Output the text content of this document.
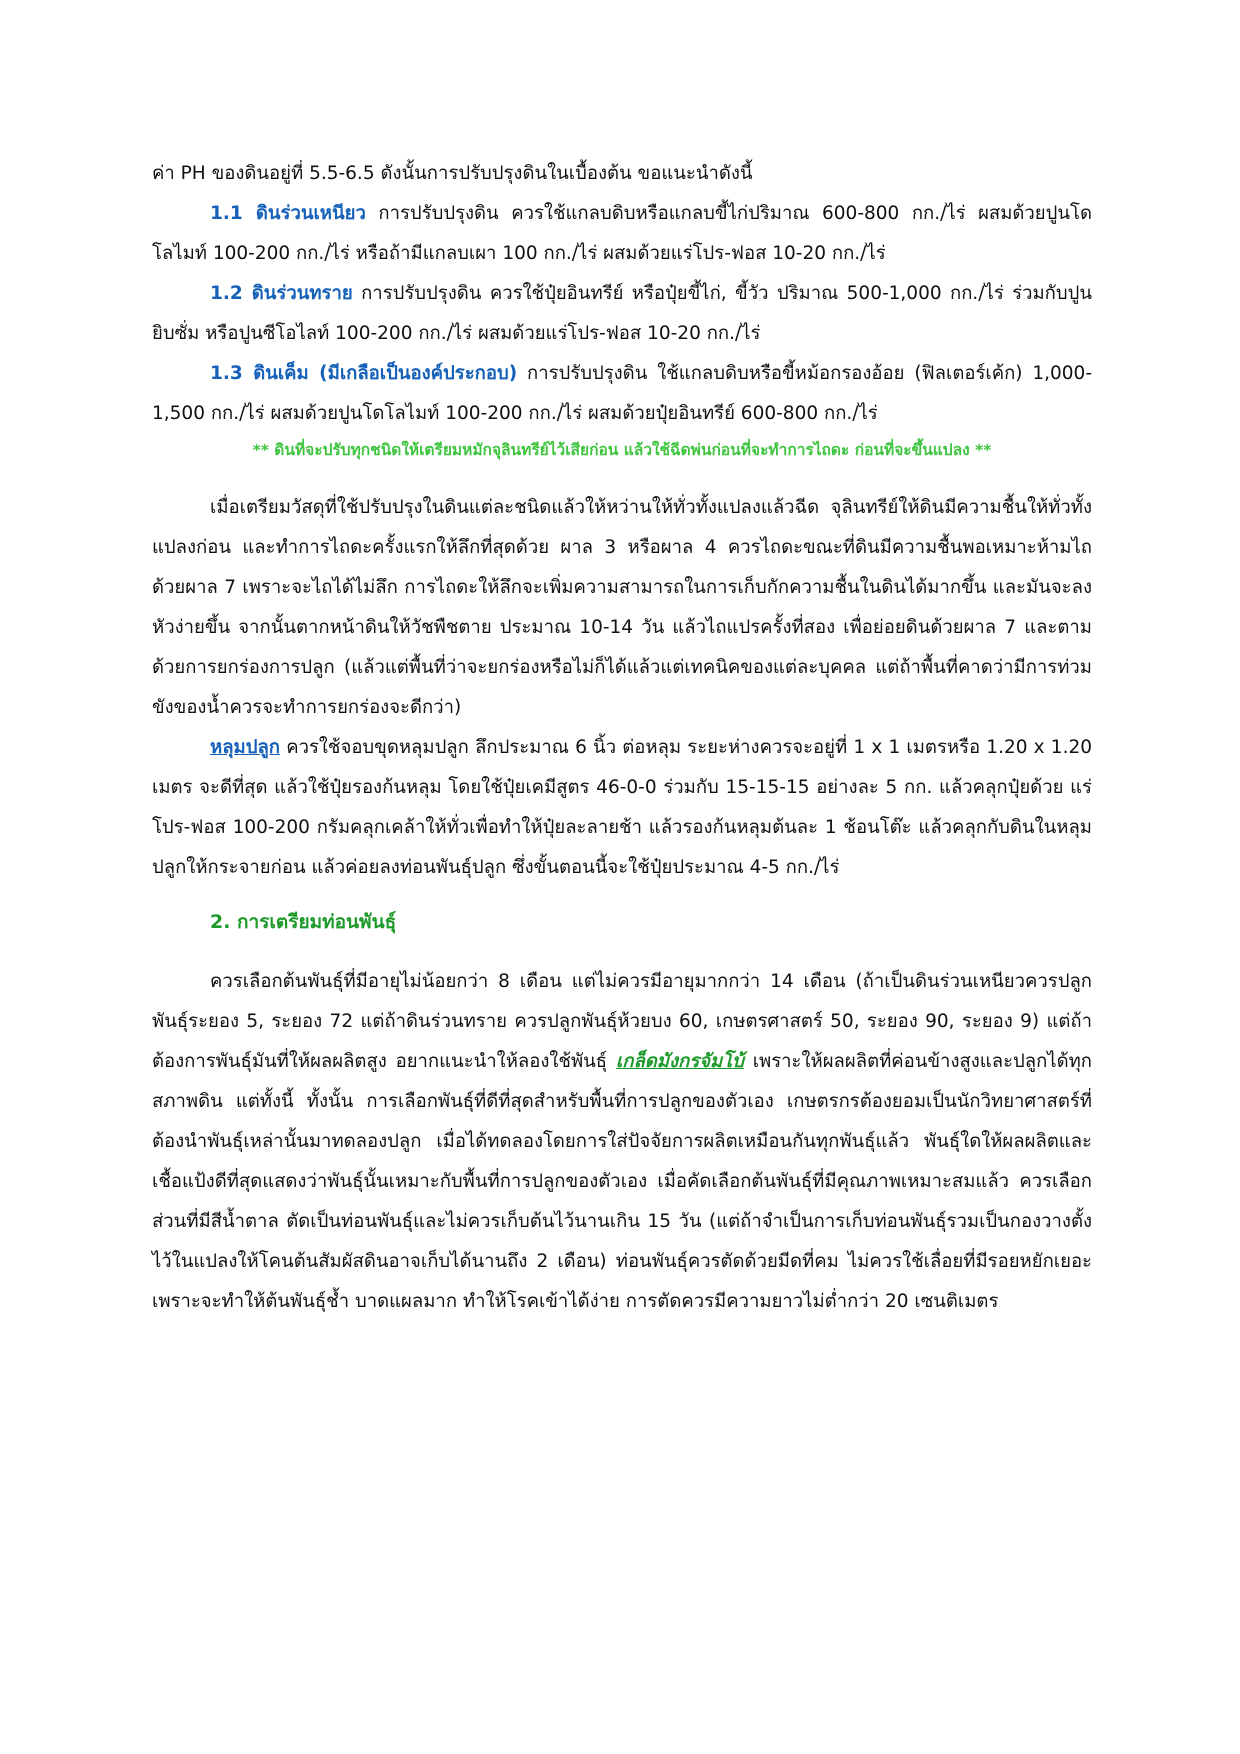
ค่า PH ของดินอยู่ที่ 5.5-6.5 ดังนั้นการปรับปรุงดินในเบื้องต้น ขอแนะนำดังนี้

1.1 ดินร่วนเหนียว การปรับปรุงดิน ควรใช้แกลบดิบหรือแกลบขี้ไก่ปริมาณ 600-800 กก./ไร่ ผสมด้วยปูนโดโลไมท์ 100-200 กก./ไร่ หรือถ้ามีแกลบเผา 100 กก./ไร่ ผสมด้วยแร่โปร-ฟอส 10-20 กก./ไร่

1.2 ดินร่วนทราย การปรับปรุงดิน ควรใช้ปุ๋ยอินทรีย์ หรือปุ๋ยขี้ไก่, ขี้วัว ปริมาณ 500-1,000 กก./ไร่ ร่วมกับปูนยิบซั่ม หรือปูนซีโอไลท์ 100-200 กก./ไร่ ผสมด้วยแร่โปร-ฟอส 10-20 กก./ไร่

1.3 ดินเค็ม (มีเกลือเป็นองค์ประกอบ) การปรับปรุงดิน ใช้แกลบดิบหรือขี้หม้อกรองอ้อย (ฟิลเตอร์เค้ก) 1,000-1,500 กก./ไร่ ผสมด้วยปูนโดโลไมท์ 100-200 กก./ไร่ ผสมด้วยปุ๋ยอินทรีย์ 600-800 กก./ไร่

** ดินที่จะปรับทุกชนิดให้เตรียมหมักจุลินทรีย์ไว้เสียก่อน แล้วใช้ฉีดพ่นก่อนที่จะทำการไถดะ ก่อนที่จะขึ้นแปลง **

เมื่อเตรียมวัสดุที่ใช้ปรับปรุงในดินแต่ละชนิดแล้วให้หว่านให้ทั่วทั้งแปลงแล้วฉีด จุลินทรีย์ให้ดินมีความชื้นให้ทั่วทั้งแปลงก่อน และทำการไถดะครั้งแรกให้ลึกที่สุดด้วย ผาล 3 หรือผาล 4 ควรไถดะขณะที่ดินมีความชื้นพอเหมาะห้ามไถด้วยผาล 7 เพราะจะไถได้ไม่ลึก การไถดะให้ลึกจะเพิ่มความสามารถในการเก็บกักความชื้นในดินได้มากขึ้น และมันจะลงหัวง่ายขึ้น จากนั้นตากหน้าดินให้วัชพืชตาย ประมาณ 10-14 วัน แล้วไถแปรครั้งที่สอง เพื่อย่อยดินด้วยผาล 7 และตามด้วยการยกร่องการปลูก (แล้วแต่พื้นที่ว่าจะยกร่องหรือไม่ก็ได้แล้วแต่เทคนิคของแต่ละบุคคล แต่ถ้าพื้นที่คาดว่ามีการท่วมขังของน้ำควรจะทำการยกร่องจะดีกว่า)

หลุมปลูก ควรใช้จอบขุดหลุมปลูก ลึกประมาณ 6 นิ้ว ต่อหลุม ระยะห่างควรจะอยู่ที่ 1 x 1 เมตรหรือ 1.20 x 1.20 เมตร จะดีที่สุด แล้วใช้ปุ๋ยรองก้นหลุม โดยใช้ปุ๋ยเคมีสูตร 46-0-0 ร่วมกับ 15-15-15 อย่างละ 5 กก. แล้วคลุกปุ๋ยด้วย แร่โปร-ฟอส 100-200 กรัมคลุกเคล้าให้ทั่วเพื่อทำให้ปุ๋ยละลายช้า แล้วรองก้นหลุมต้นละ 1 ช้อนโต๊ะ แล้วคลุกกับดินในหลุมปลูกให้กระจายก่อน แล้วค่อยลงท่อนพันธุ์ปลูก ซึ่งขั้นตอนนี้จะใช้ปุ๋ยประมาณ 4-5 กก./ไร่

2. การเตรียมท่อนพันธุ์

ควรเลือกต้นพันธุ์ที่มีอายุไม่น้อยกว่า 8 เดือน แต่ไม่ควรมีอายุมากกว่า 14 เดือน (ถ้าเป็นดินร่วนเหนียวควรปลูกพันธุ์ระยอง 5, ระยอง 72 แต่ถ้าดินร่วนทราย ควรปลูกพันธุ์ห้วยบง 60, เกษตรศาสตร์ 50, ระยอง 90, ระยอง 9) แต่ถ้าต้องการพันธุ์มันที่ให้ผลผลิตสูง อยากแนะนำให้ลองใช้พันธุ์ เกล็ดมังกรจัมโบ้ เพราะให้ผลผลิตที่ค่อนข้างสูงและปลูกได้ทุกสภาพดิน แต่ทั้งนี้ ทั้งนั้น การเลือกพันธุ์ที่ดีที่สุดสำหรับพื้นที่การปลูกของตัวเอง เกษตรกรต้องยอมเป็นนักวิทยาศาสตร์ที่ต้องนำพันธุ์เหล่านั้นมาทดลองปลูก เมื่อได้ทดลองโดยการใส่ปัจจัยการผลิตเหมือนกันทุกพันธุ์แล้ว พันธุ์ใดให้ผลผลิตและเชื้อแป้งดีที่สุดแสดงว่าพันธุ์นั้นเหมาะกับพื้นที่การปลูกของตัวเอง เมื่อคัดเลือกต้นพันธุ์ที่มีคุณภาพเหมาะสมแล้ว ควรเลือกส่วนที่มีสีน้ำตาล ตัดเป็นท่อนพันธุ์และไม่ควรเก็บต้นไว้นานเกิน 15 วัน (แต่ถ้าจำเป็นการเก็บท่อนพันธุ์รวมเป็นกองวางตั้งไว้ในแปลงให้โคนต้นสัมผัสดินอาจเก็บได้นานถึง 2 เดือน) ท่อนพันธุ์ควรตัดด้วยมีดที่คม ไม่ควรใช้เลื่อยที่มีรอยหยักเยอะเพราะจะทำให้ต้นพันธุ์ช้ำ บาดแผลมาก ทำให้โรคเข้าได้ง่าย การตัดควรมีความยาวไม่ต่ำกว่า 20 เซนติเมตร
